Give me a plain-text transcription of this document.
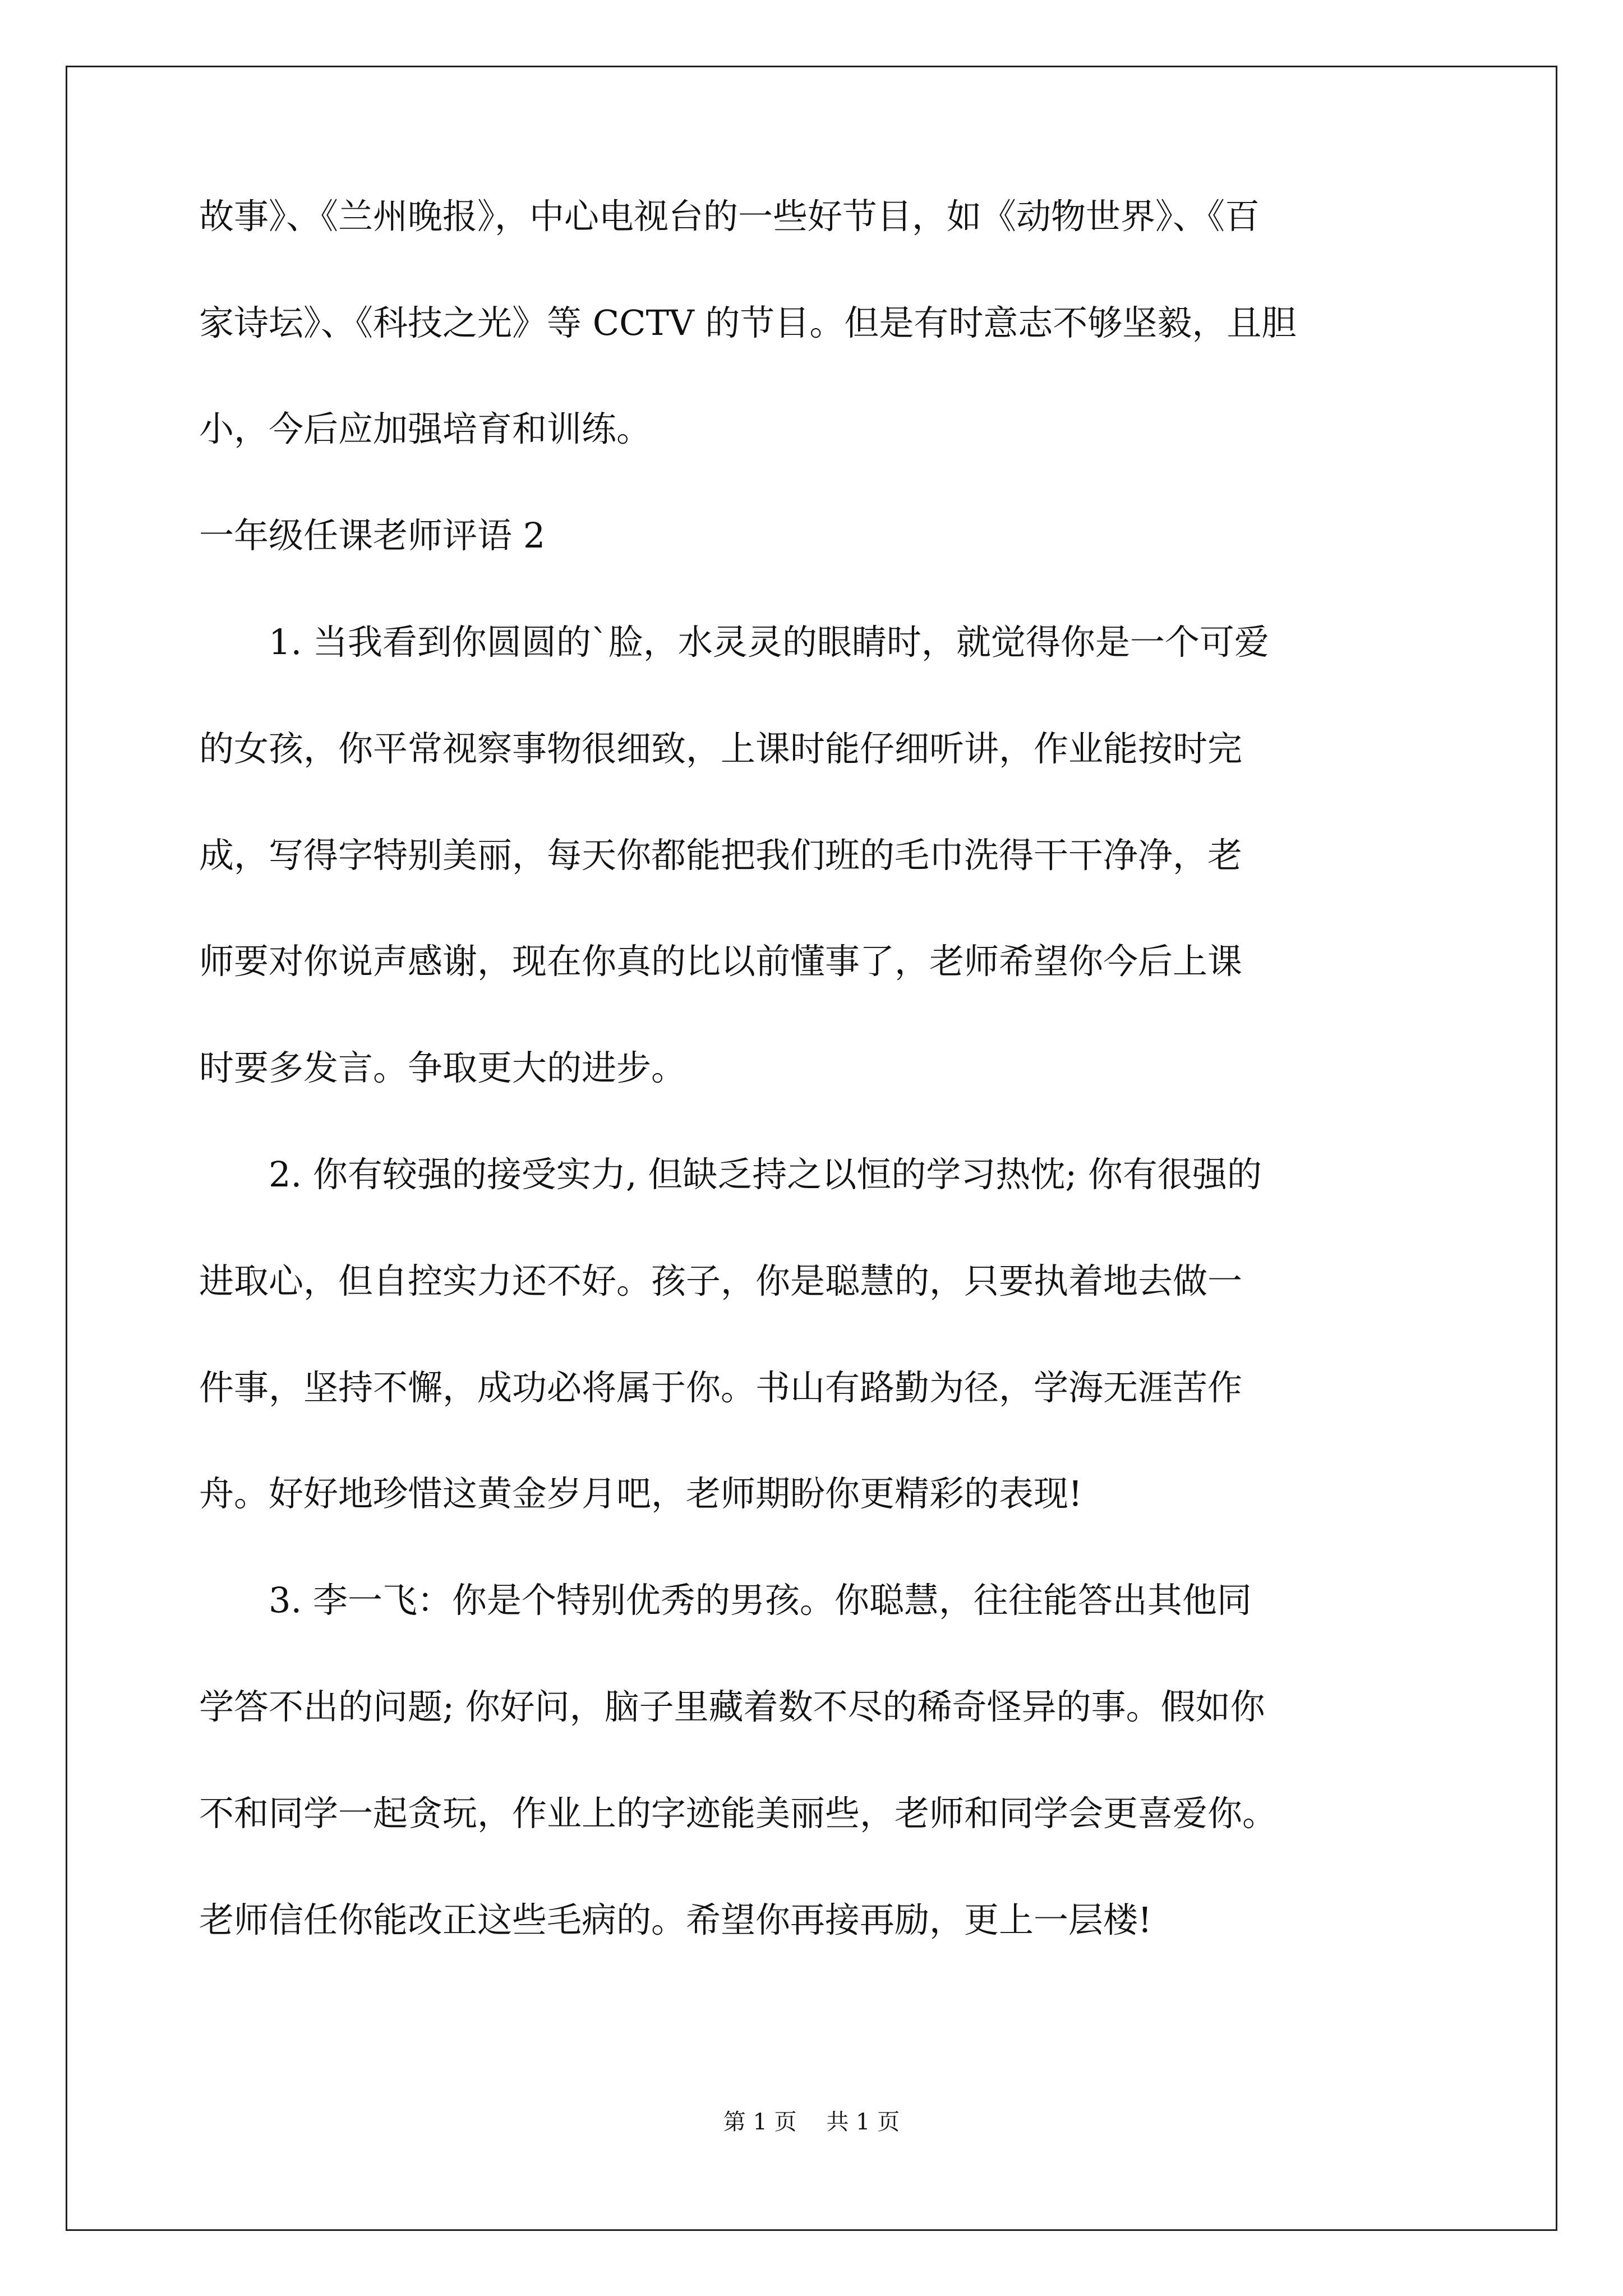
故事》、《兰州晚报》，中心电视台的一些好节目，如《动物世界》、《百
家诗坛》、《科技之光》等 CCTV 的节目。但是有时意志不够坚毅，且胆
小，今后应加强培育和训练。
一年级任课老师评语 2
　　1. 当我看到你圆圆的`脸，水灵灵的眼睛时，就觉得你是一个可爱
的女孩，你平常视察事物很细致，上课时能仔细听讲，作业能按时完
成，写得字特别美丽，每天你都能把我们班的毛巾洗得干干净净，老
师要对你说声感谢，现在你真的比以前懂事了，老师希望你今后上课
时要多发言。争取更大的进步。
　　2. 你有较强的接受实力, 但缺乏持之以恒的学习热忱; 你有很强的
进取心，但自控实力还不好。孩子，你是聪慧的，只要执着地去做一
件事，坚持不懈，成功必将属于你。书山有路勤为径，学海无涯苦作
舟。好好地珍惜这黄金岁月吧，老师期盼你更精彩的表现!
　　3. 李一飞：你是个特别优秀的男孩。你聪慧，往往能答出其他同
学答不出的问题; 你好问，脑子里藏着数不尽的稀奇怪异的事。假如你
不和同学一起贪玩，作业上的字迹能美丽些，老师和同学会更喜爱你。
老师信任你能改正这些毛病的。希望你再接再励，更上一层楼!
第 1 页　 共 1 页
